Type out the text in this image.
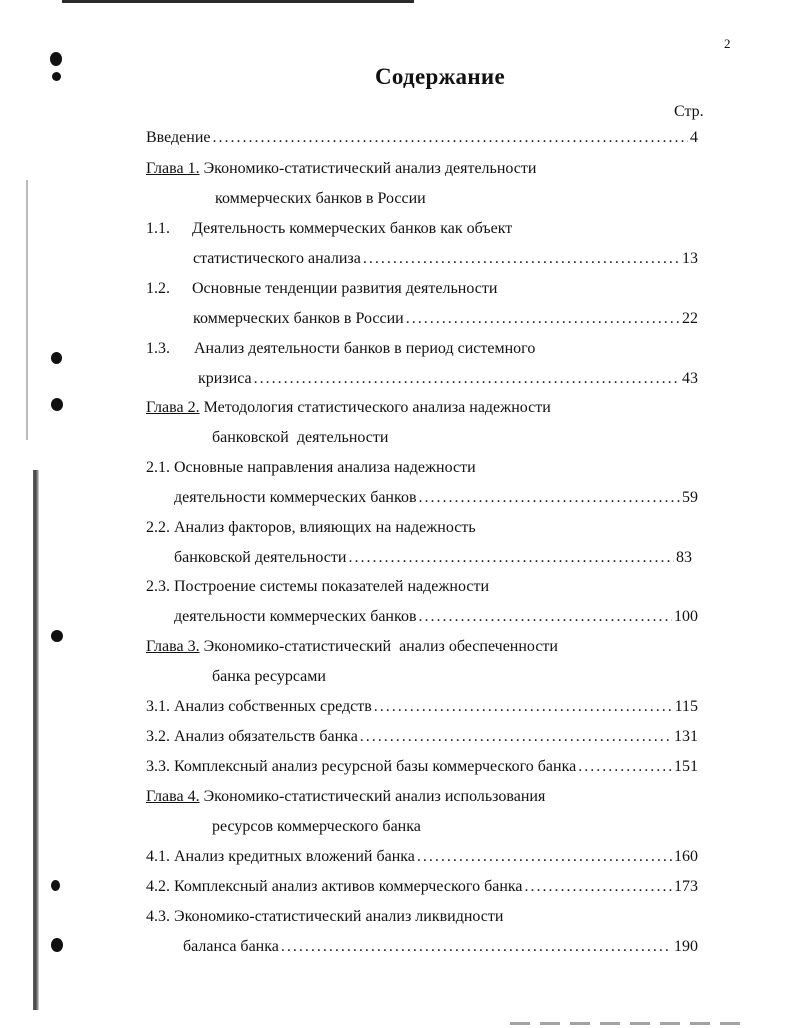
2
Содержание
Стр.
Введение . . .	4
Глава 1. Экономико-статистический анализ деятельности
коммерческих банков в России
1.1. Деятельность коммерческих банков как объект
статистического анализа . . .	13
1.2. Основные тенденции развития деятельности
коммерческих банков в России . . .	22
1.3. Анализ деятельности банков в период системного
кризиса . . .	43
Глава 2. Методология статистического анализа надежности
банковской  деятельности
2.1. Основные направления анализа надежности
деятельности коммерческих банков . . .	59
2.2. Анализ факторов, влияющих на надежность
банковской деятельности . . .	83
2.3. Построение системы показателей надежности
деятельности коммерческих банков . . .	100
Глава 3. Экономико-статистический  анализ обеспеченности
банка ресурсами
3.1. Анализ собственных средств . . .	115
3.2. Анализ обязательств банка . . .	131
3.3. Комплексный анализ ресурсной базы коммерческого банка . . .	151
Глава 4. Экономико-статистический анализ использования
ресурсов коммерческого банка
4.1. Анализ кредитных вложений банка . . .	160
4.2. Комплексный анализ активов коммерческого банка . . .	173
4.3. Экономико-статистический анализ ликвидности
баланса банка . . .	190
